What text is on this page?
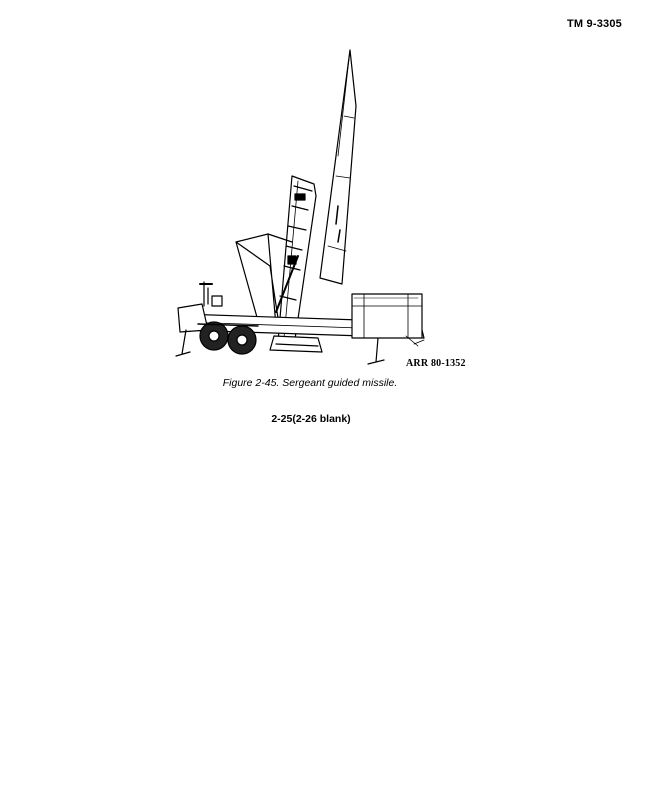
TM 9-3305
ARR 80-1352
Figure 2-45. Sergeant guided missile.
2-25(2-26 blank)
